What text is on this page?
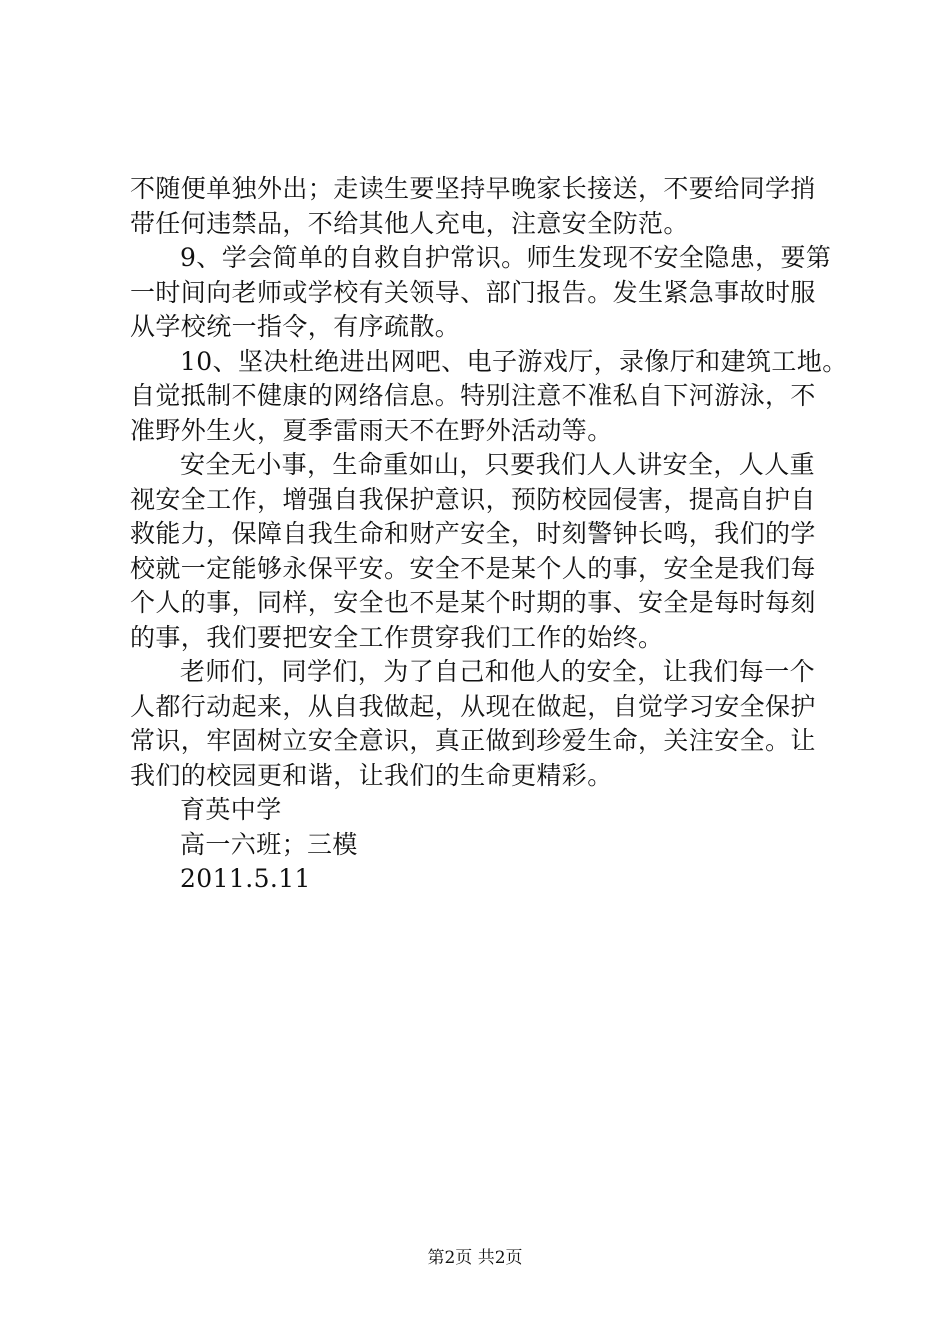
不随便单独外出；走读生要坚持早晚家长接送，不要给同学捎
带任何违禁品，不给其他人充电，注意安全防范。
9、学会简单的自救自护常识。师生发现不安全隐患，要第
一时间向老师或学校有关领导、部门报告。发生紧急事故时服
从学校统一指令，有序疏散。
10、坚决杜绝进出网吧、电子游戏厅，录像厅和建筑工地。
自觉抵制不健康的网络信息。特别注意不准私自下河游泳，不
准野外生火，夏季雷雨天不在野外活动等。
安全无小事，生命重如山，只要我们人人讲安全，人人重
视安全工作，增强自我保护意识，预防校园侵害，提高自护自
救能力，保障自我生命和财产安全，时刻警钟长鸣，我们的学
校就一定能够永保平安。安全不是某个人的事，安全是我们每
个人的事，同样，安全也不是某个时期的事、安全是每时每刻
的事，我们要把安全工作贯穿我们工作的始终。
老师们，同学们，为了自己和他人的安全，让我们每一个
人都行动起来，从自我做起，从现在做起，自觉学习安全保护
常识，牢固树立安全意识，真正做到珍爱生命，关注安全。让
我们的校园更和谐，让我们的生命更精彩。
育英中学
高一六班；三模
2011.5.11
第2页 共2页
